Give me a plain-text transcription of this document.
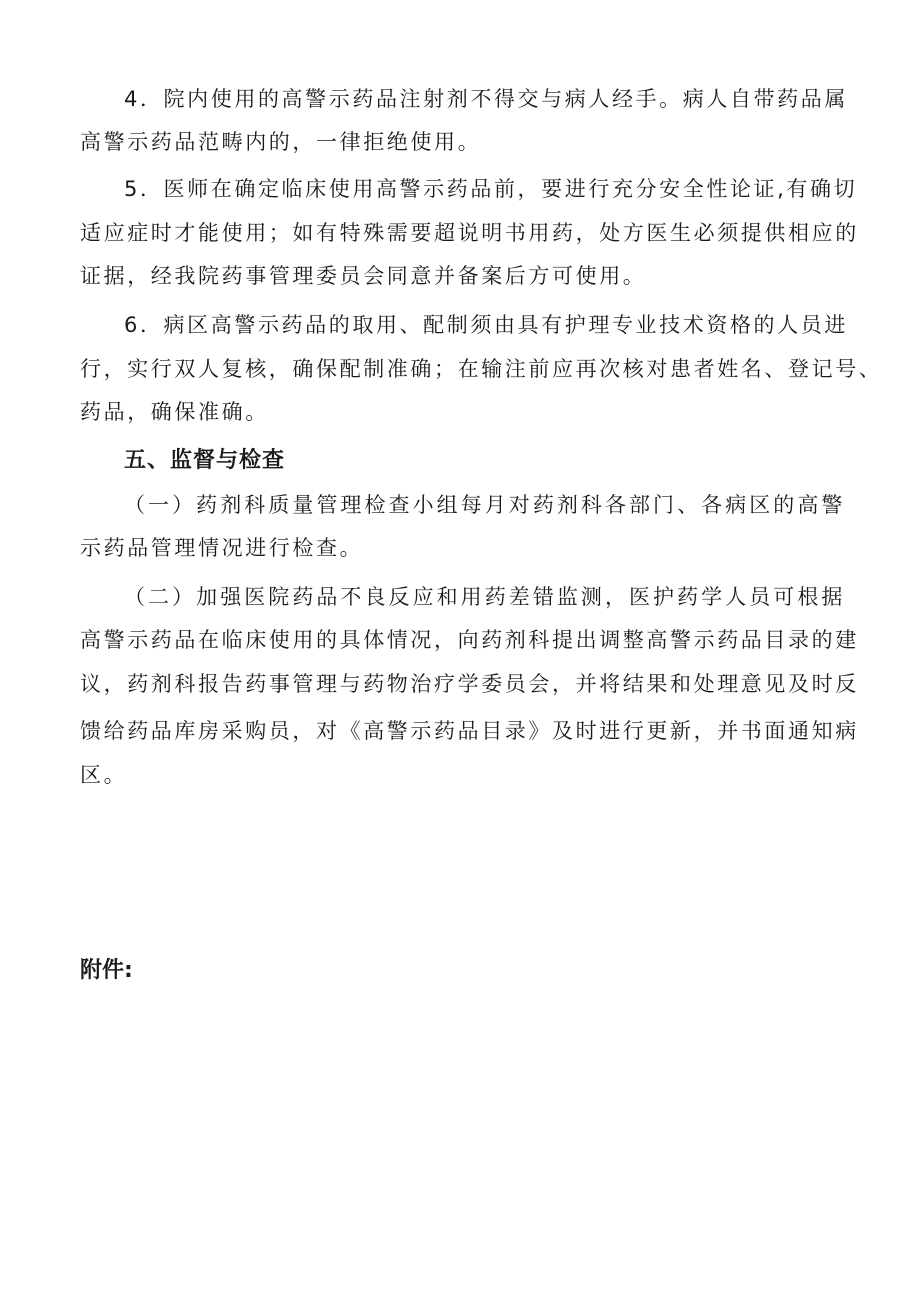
4．院内使用的高警示药品注射剂不得交与病人经手。病人自带药品属
高警示药品范畴内的，一律拒绝使用。
5．医师在确定临床使用高警示药品前，要进行充分安全性论证,有确切
适应症时才能使用；如有特殊需要超说明书用药，处方医生必须提供相应的
证据，经我院药事管理委员会同意并备案后方可使用。
6．病区高警示药品的取用、配制须由具有护理专业技术资格的人员进
行，实行双人复核，确保配制准确；在输注前应再次核对患者姓名、登记号、
药品，确保准确。
五、监督与检查
（一）药剂科质量管理检查小组每月对药剂科各部门、各病区的高警
示药品管理情况进行检查。
（二）加强医院药品不良反应和用药差错监测，医护药学人员可根据
高警示药品在临床使用的具体情况，向药剂科提出调整高警示药品目录的建
议，药剂科报告药事管理与药物治疗学委员会，并将结果和处理意见及时反
馈给药品库房采购员，对《高警示药品目录》及时进行更新，并书面通知病
区。
附件:
